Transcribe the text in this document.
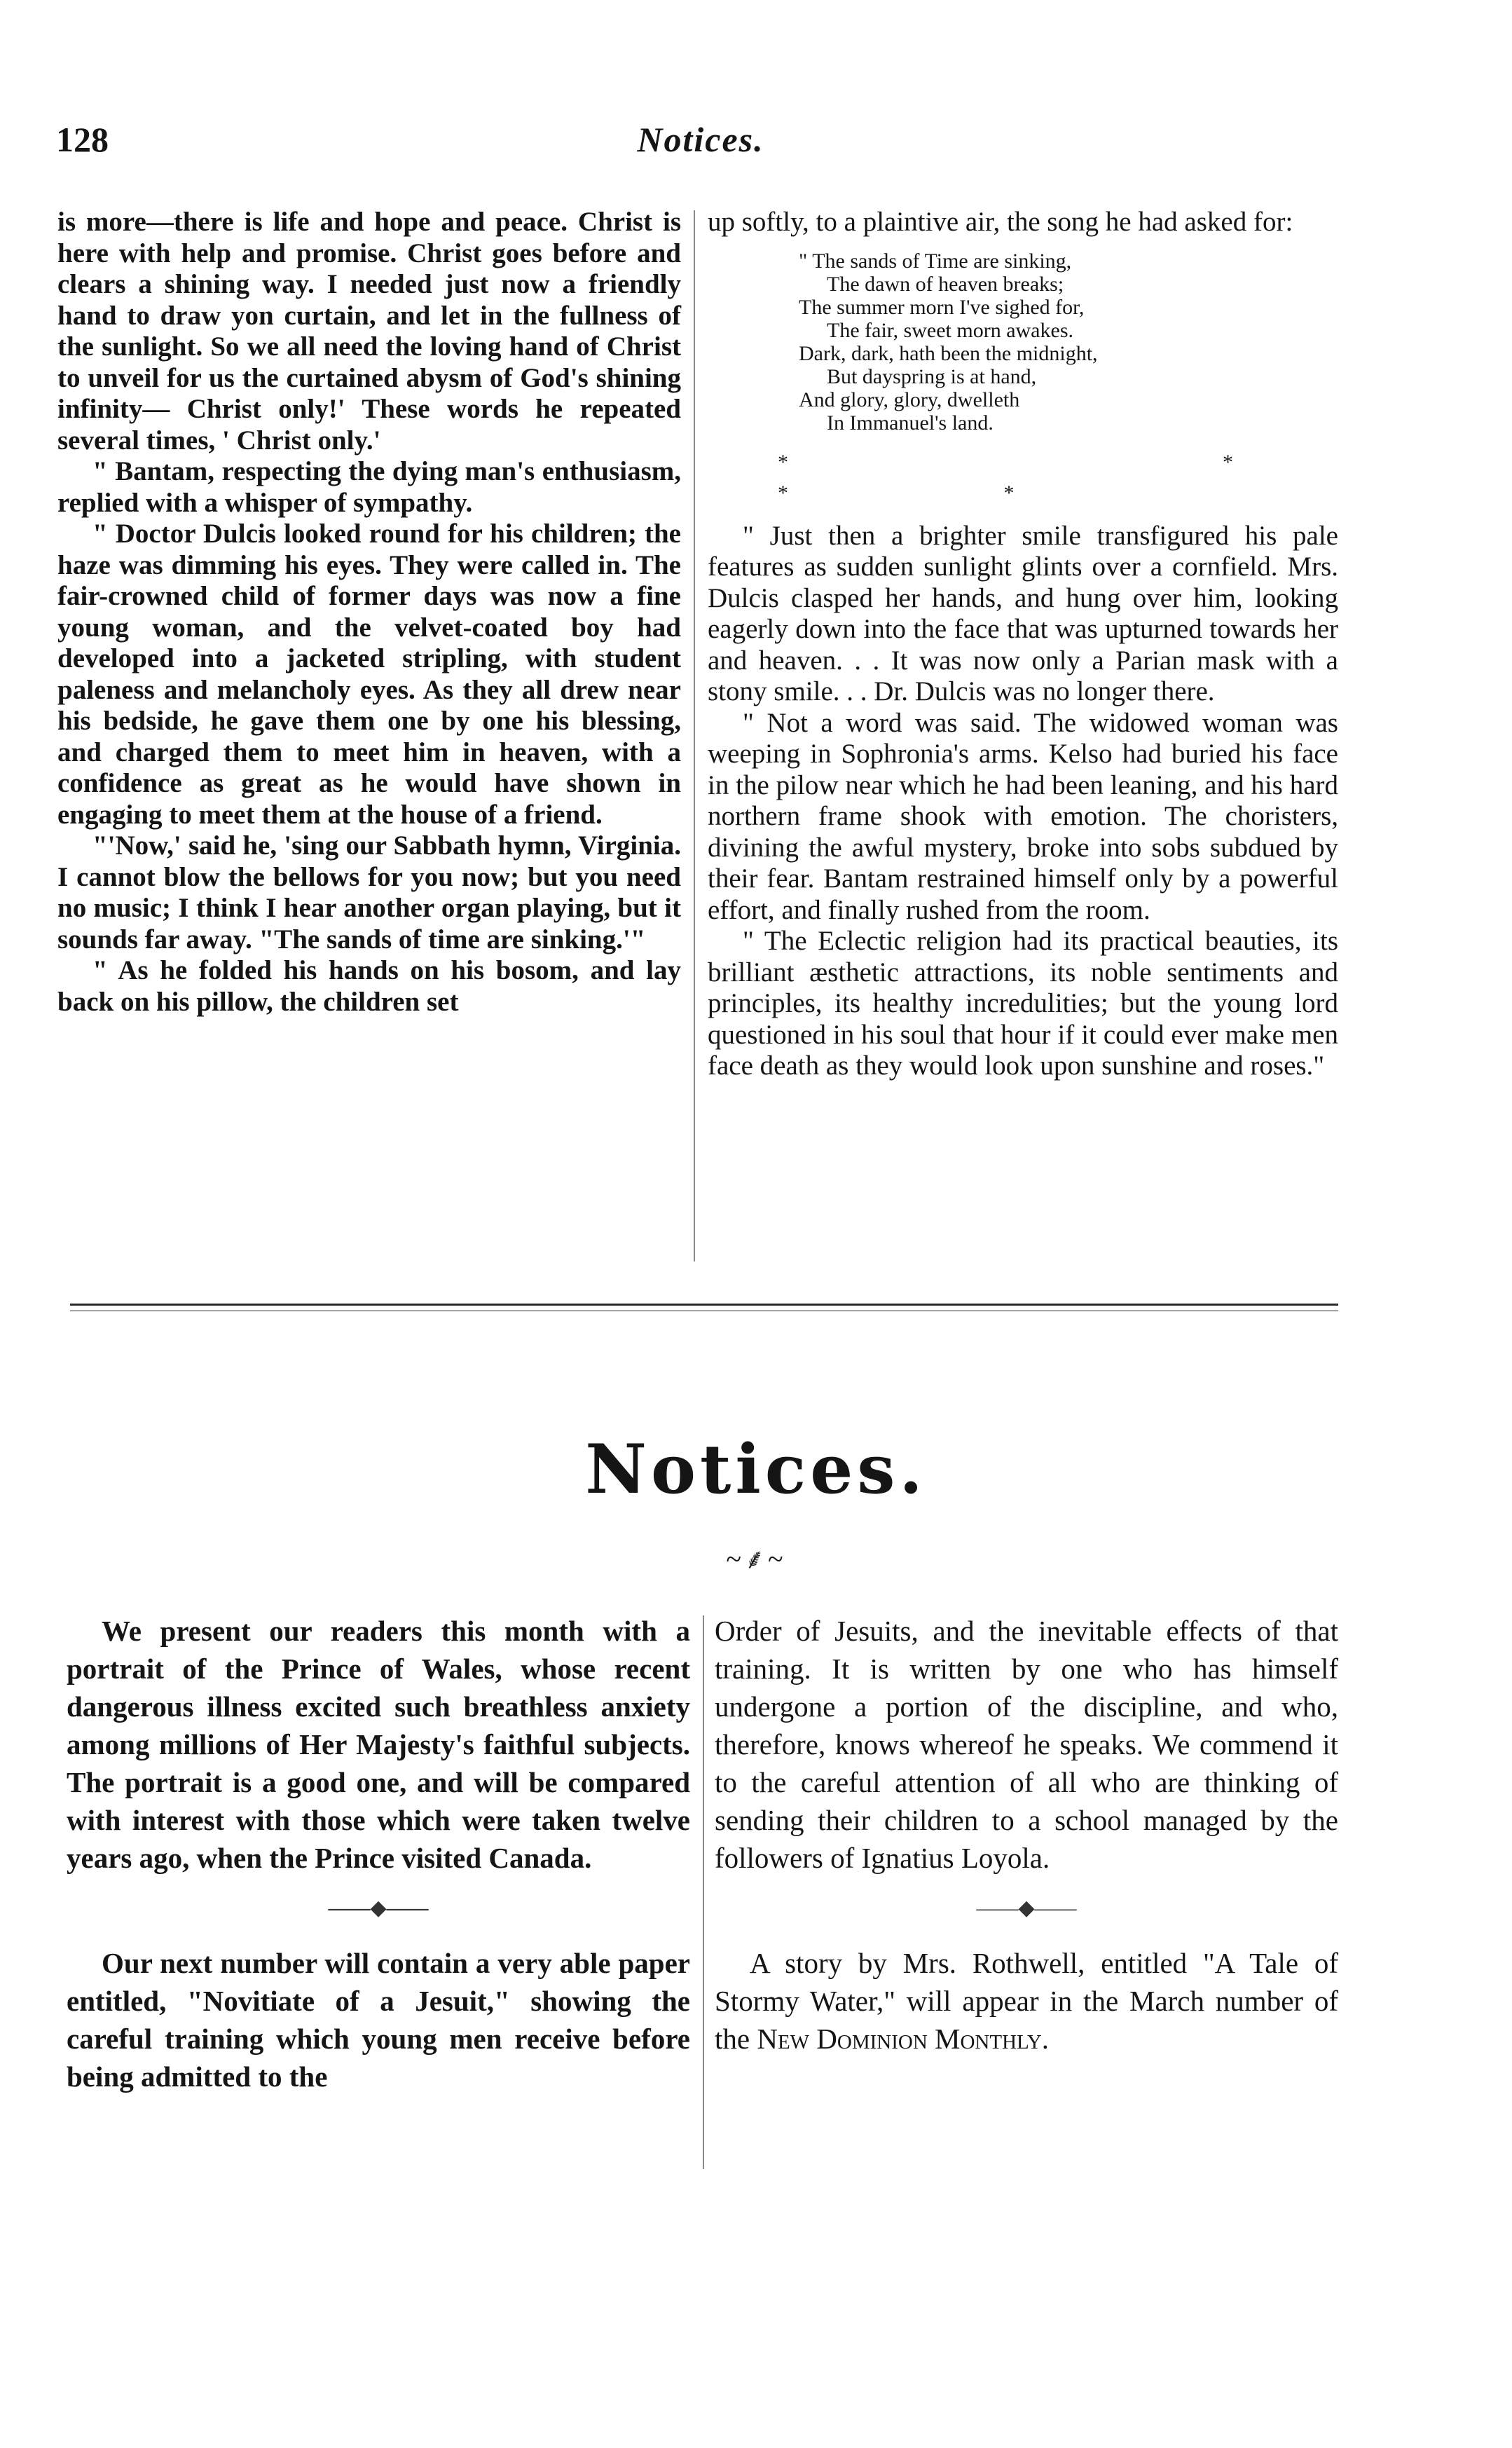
128	Notices.

is more—there is life and hope and peace. Christ is here with help and promise. Christ goes before and clears a shining way. I needed just now a friendly hand to draw yon curtain, and let in the fullness of the sunlight. So we all need the loving hand of Christ to unveil for us the curtained abysm of God's shining infinity— Christ only!' These words he repeated several times, ' Christ only.'

" Bantam, respecting the dying man's enthusiasm, replied with a whisper of sympathy.

" Doctor Dulcis looked round for his children; the haze was dimming his eyes. They were called in. The fair-crowned child of former days was now a fine young woman, and the velvet-coated boy had developed into a jacketed stripling, with student paleness and melancholy eyes. As they all drew near his bedside, he gave them one by one his blessing, and charged them to meet him in heaven, with a confidence as great as he would have shown in engaging to meet them at the house of a friend.

"'Now,' said he, 'sing our Sabbath hymn, Virginia. I cannot blow the bellows for you now; but you need no music; I think I hear another organ playing, but it sounds far away. "The sands of time are sinking.'"

" As he folded his hands on his bosom, and lay back on his pillow, the children set

up softly, to a plaintive air, the song he had asked for:

" The sands of Time are sinking,
The dawn of heaven breaks;
The summer morn I've sighed for,
The fair, sweet morn awakes.
Dark, dark, hath been the midnight,
But dayspring is at hand,
And glory, glory, dwelleth
In Immanuel's land.
* * * *

" Just then a brighter smile transfigured his pale features as sudden sunlight glints over a cornfield. Mrs. Dulcis clasped her hands, and hung over him, looking eagerly down into the face that was upturned towards her and heaven. . . It was now only a Parian mask with a stony smile. . . Dr. Dulcis was no longer there.

" Not a word was said. The widowed woman was weeping in Sophronia's arms. Kelso had buried his face in the pilow near which he had been leaning, and his hard northern frame shook with emotion. The choristers, divining the awful mystery, broke into sobs subdued by their fear. Bantam restrained himself only by a powerful effort, and finally rushed from the room.

" The Eclectic religion had its practical beauties, its brilliant æsthetic attractions, its noble sentiments and principles, its healthy incredulities; but the young lord questioned in his soul that hour if it could ever make men face death as they would look upon sunshine and roses."

Notices.
~⸙~

We present our readers this month with a portrait of the Prince of Wales, whose recent dangerous illness excited such breathless anxiety among millions of Her Majesty's faithful subjects. The portrait is a good one, and will be compared with interest with those which were taken twelve years ago, when the Prince visited Canada.

——◆——

Our next number will contain a very able paper entitled, "Novitiate of a Jesuit," showing the careful training which young men receive before being admitted to the

Order of Jesuits, and the inevitable effects of that training. It is written by one who has himself undergone a portion of the discipline, and who, therefore, knows whereof he speaks. We commend it to the careful attention of all who are thinking of sending their children to a school managed by the followers of Ignatius Loyola.

——◆——

A story by Mrs. Rothwell, entitled "A Tale of Stormy Water," will appear in the March number of the New Dominion Monthly.
